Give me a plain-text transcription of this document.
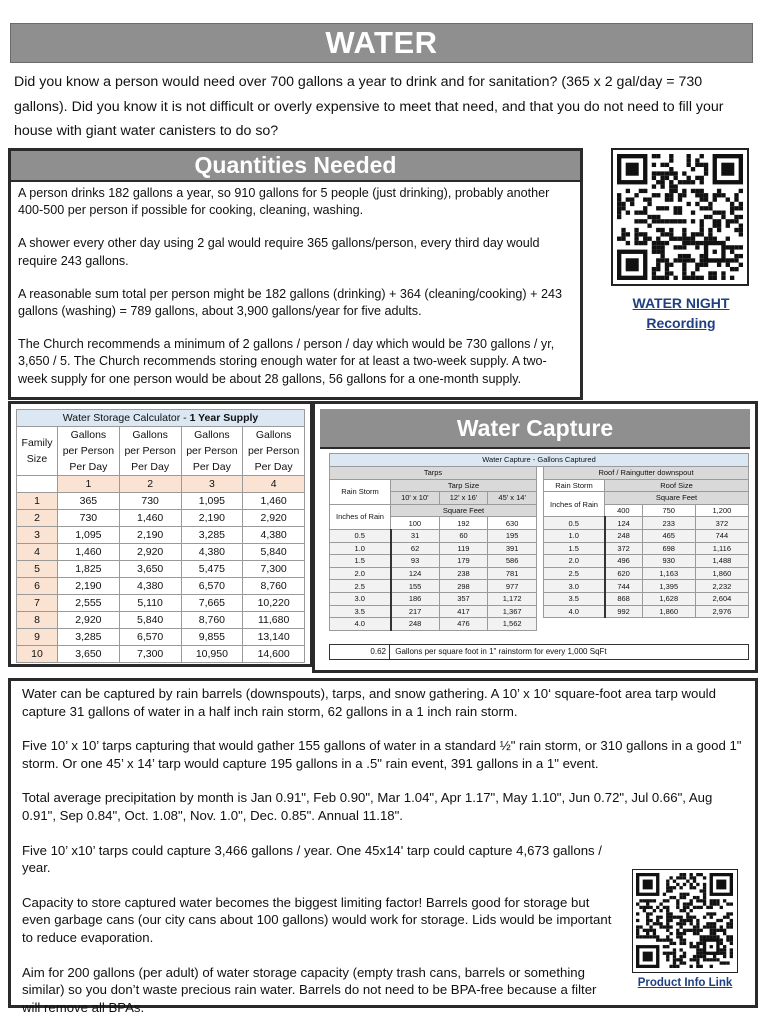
WATER
Did you know a person would need over 700 gallons a year to drink and for sanitation? (365 x 2 gal/day = 730 gallons). Did you know it is not difficult or overly expensive to meet that need, and that you do not need to fill your house with giant water canisters to do so?
Quantities Needed

A person drinks 182 gallons a year, so 910 gallons for 5 people (just drinking), probably another 400-500 per person if possible for cooking, cleaning, washing.

A shower every other day using 2 gal would require 365 gallons/person, every third day would require 243 gallons.

A reasonable sum total per person might be 182 gallons (drinking) + 364 (cleaning/cooking) + 243 gallons (washing) = 789 gallons, about 3,900 gallons/year for five adults.

The Church recommends a minimum of 2 gallons / person / day which would be 730 gallons / yr, 3,650 / 5. The Church recommends storing enough water for at least a two-week supply. A two-week supply for one person would be about 28 gallons, 56 gallons for a one-month supply.

WATER NIGHT
Recording
Water Storage Calculator - 1 Year Supply				
Family
Size	Gallons
per Person
Per Day	Gallons
per Person
Per Day	Gallons
per Person
Per Day	Gallons
per Person
Per Day
	1	2	3	4
1	365	730	1,095	1,460
2	730	1,460	2,190	2,920
3	1,095	2,190	3,285	4,380
4	1,460	2,920	4,380	5,840
5	1,825	3,650	5,475	7,300
6	2,190	4,380	6,570	8,760
7	2,555	5,110	7,665	10,220
8	2,920	5,840	8,760	11,680
9	3,285	6,570	9,855	13,140
10	3,650	7,300	10,950	14,600
Water Capture
Water Capture - Gallons Captured
Tarps			
Rain Storm	Tarp Size		
	10' x 10'	12' x 16'	45' x 14'
Inches of Rain	Square Feet		
	100	192	630
0.5	31	60	195
1.0	62	119	391
1.5	93	179	586
2.0	124	238	781
2.5	155	298	977
3.0	186	357	1,172
3.5	217	417	1,367
4.0	248	476	1,562
Roof / Raingutter downspout			
Rain Storm	Roof Size		

Inches of Rain	Square Feet		
	400	750	1,200
0.5	124	233	372
1.0	248	465	744
1.5	372	698	1,116
2.0	496	930	1,488
2.5	620	1,163	1,860
3.0	744	1,395	2,232
3.5	868	1,628	2,604
4.0	992	1,860	2,976
0.62 Gallons per square foot in 1" rainstorm for every 1,000 SqFt

Water can be captured by rain barrels (downspouts), tarps, and snow gathering. A 10’ x 10‘ square-foot area tarp would capture 31 gallons of water in a half inch rain storm, 62 gallons in a 1 inch rain storm.

Five 10’ x 10’ tarps capturing that would gather 155 gallons of water in a standard ½" rain storm, or 310 gallons in a good 1" storm. Or one 45’ x 14’ tarp would capture 195 gallons in a .5" rain event, 391 gallons in a 1" event.

Total average precipitation by month is Jan 0.91", Feb 0.90", Mar 1.04", Apr 1.17", May 1.10", Jun 0.72", Jul 0.66", Aug 0.91", Sep 0.84", Oct. 1.08", Nov. 1.0", Dec. 0.85". Annual 11.18".

Five 10’ x10’ tarps could capture 3,466 gallons / year. One 45x14' tarp could capture 4,673 gallons / year.

Capacity to store captured water becomes the biggest limiting factor! Barrels good for storage but even garbage cans (our city cans about 100 gallons) would work for storage. Lids would be important to reduce evaporation.

Aim for 200 gallons (per adult) of water storage capacity (empty trash cans, barrels or something similar) so you don’t waste precious rain water. Barrels do not need to be BPA-free because a filter will remove all BPAs.

Product Info Link
